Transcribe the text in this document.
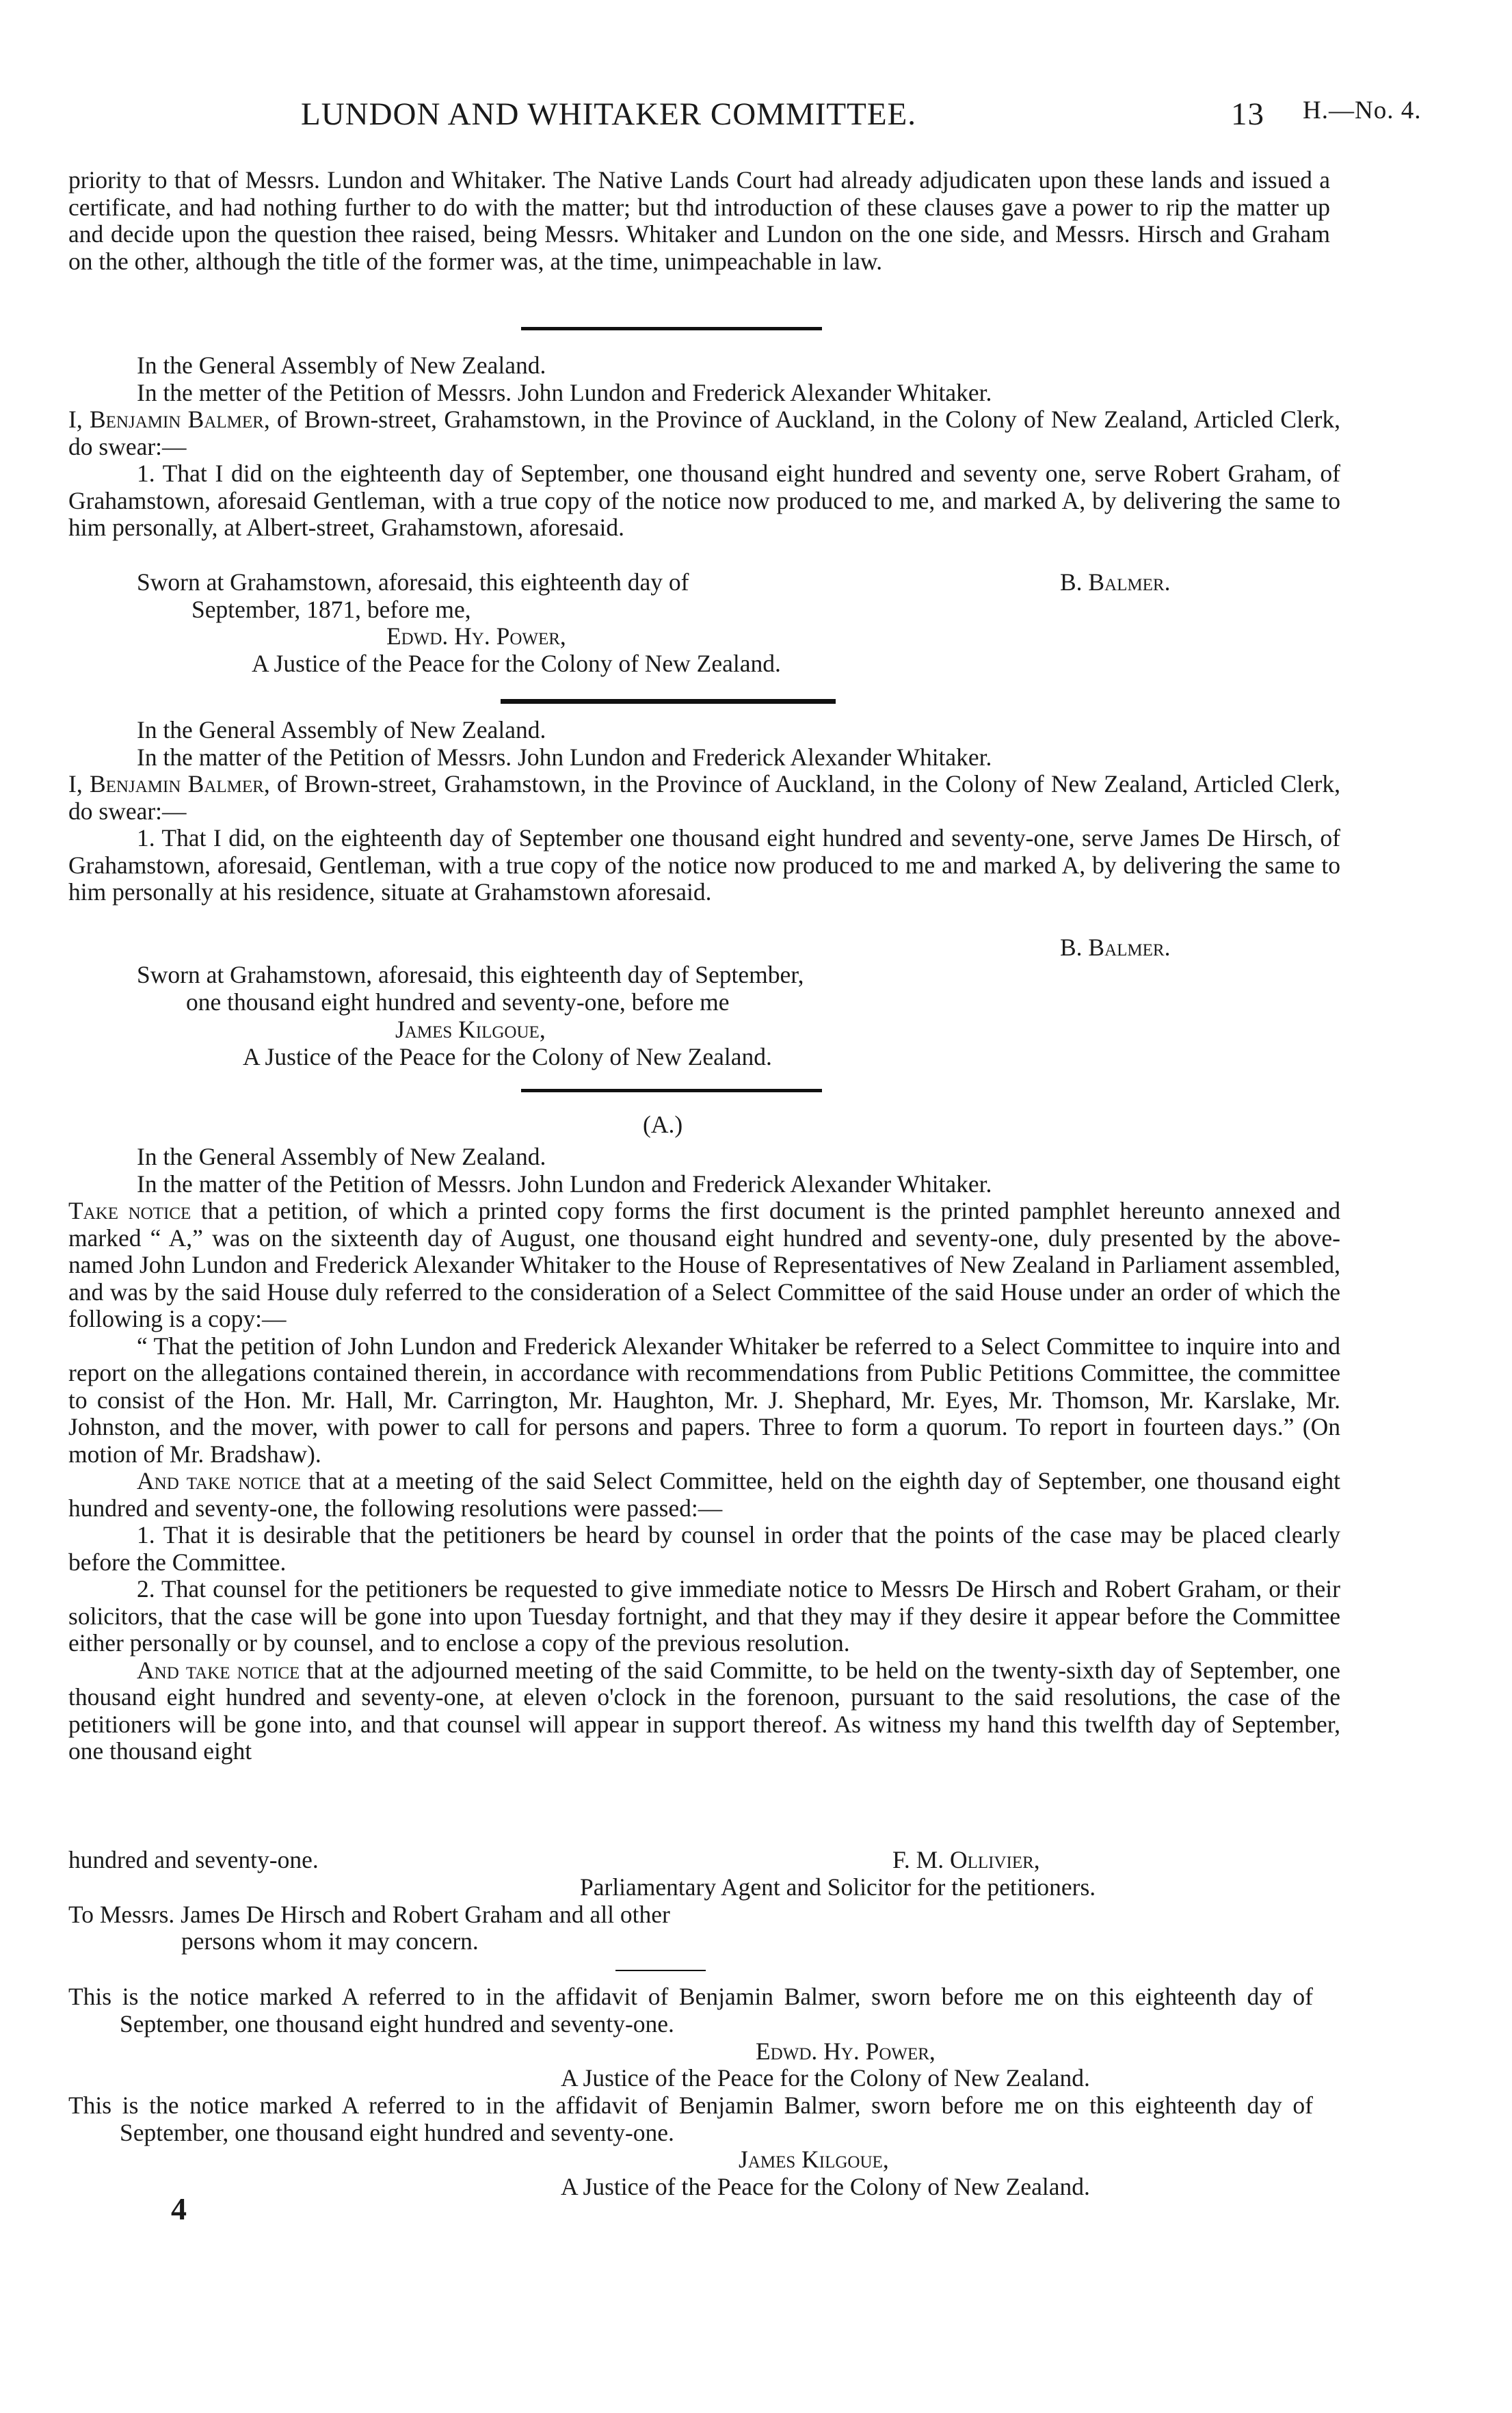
LUNDON AND WHITAKER COMMITTEE.	13 H.—No. 4.
priority to that of Messrs. Lundon and Whitaker. The Native Lands Court had already adjudicaten upon these lands and issued a certificate, and had nothing further to do with the matter; but thd introduction of these clauses gave a power to rip the matter up and decide upon the question thee raised, being Messrs. Whitaker and Lundon on the one side, and Messrs. Hirsch and Graham on the other, although the title of the former was, at the time, unimpeachable in law.

In the General Assembly of New Zealand.

In the metter of the Petition of Messrs. John Lundon and Frederick Alexander Whitaker.

I, Benjamin Balmer, of Brown-street, Grahamstown, in the Province of Auckland, in the Colony of New Zealand, Articled Clerk, do swear:—

1. That I did on the eighteenth day of September, one thousand eight hundred and seventy one, serve Robert Graham, of Grahamstown, aforesaid Gentleman, with a true copy of the notice now produced to me, and marked A, by delivering the same to him personally, at Albert-street, Grahamstown, aforesaid.

Sworn at Grahamstown, aforesaid, this eighteenth day of	B. Balmer.
September, 1871, before me,
Edwd. Hy. Power,
A Justice of the Peace for the Colony of New Zealand.

In the General Assembly of New Zealand.

In the matter of the Petition of Messrs. John Lundon and Frederick Alexander Whitaker.

I, Benjamin Balmer, of Brown-street, Grahamstown, in the Province of Auckland, in the Colony of New Zealand, Articled Clerk, do swear:—

1. That I did, on the eighteenth day of September one thousand eight hundred and seventy-one, serve James De Hirsch, of Grahamstown, aforesaid, Gentleman, with a true copy of the notice now produced to me and marked A, by delivering the same to him personally at his residence, situate at Grahamstown aforesaid.

B. Balmer.
Sworn at Grahamstown, aforesaid, this eighteenth day of September,
one thousand eight hundred and seventy-one, before me
James Kilgoue,
A Justice of the Peace for the Colony of New Zealand.
(A.)

In the General Assembly of New Zealand.

In the matter of the Petition of Messrs. John Lundon and Frederick Alexander Whitaker.

Take notice that a petition, of which a printed copy forms the first document is the printed pamphlet hereunto annexed and marked “ A,” was on the sixteenth day of August, one thousand eight hundred and seventy-one, duly presented by the above-named John Lundon and Frederick Alexander Whitaker to the House of Representatives of New Zealand in Parliament assembled, and was by the said House duly referred to the consideration of a Select Committee of the said House under an order of which the following is a copy:—

“ That the petition of John Lundon and Frederick Alexander Whitaker be referred to a Select Committee to inquire into and report on the allegations contained therein, in accordance with recommendations from Public Petitions Committee, the committee to consist of the Hon. Mr. Hall, Mr. Carrington, Mr. Haughton, Mr. J. Shephard, Mr. Eyes, Mr. Thomson, Mr. Karslake, Mr. Johnston, and the mover, with power to call for persons and papers. Three to form a quorum. To report in fourteen days.” (On motion of Mr. Bradshaw).

And take notice that at a meeting of the said Select Committee, held on the eighth day of September, one thousand eight hundred and seventy-one, the following resolutions were passed:—

1. That it is desirable that the petitioners be heard by counsel in order that the points of the case may be placed clearly before the Committee.

2. That counsel for the petitioners be requested to give immediate notice to Messrs De Hirsch and Robert Graham, or their solicitors, that the case will be gone into upon Tuesday fortnight, and that they may if they desire it appear before the Committee either personally or by counsel, and to enclose a copy of the previous resolution.

And take notice that at the adjourned meeting of the said Committe, to be held on the twenty-sixth day of September, one thousand eight hundred and seventy-one, at eleven o'clock in the forenoon, pursuant to the said resolutions, the case of the petitioners will be gone into, and that counsel will appear in support thereof. As witness my hand this twelfth day of September, one thousand eight

hundred and seventy-one.	F. M. Ollivier,
Parliamentary Agent and Solicitor for the petitioners.
To Messrs. James De Hirsch and Robert Graham and all other
persons whom it may concern.

This is the notice marked A referred to in the affidavit of Benjamin Balmer, sworn before me on this eighteenth day of September, one thousand eight hundred and seventy-one.

Edwd. Hy. Power,
A Justice of the Peace for the Colony of New Zealand.

This is the notice marked A referred to in the affidavit of Benjamin Balmer, sworn before me on this eighteenth day of September, one thousand eight hundred and seventy-one.

James Kilgoue,
A Justice of the Peace for the Colony of New Zealand.
4
